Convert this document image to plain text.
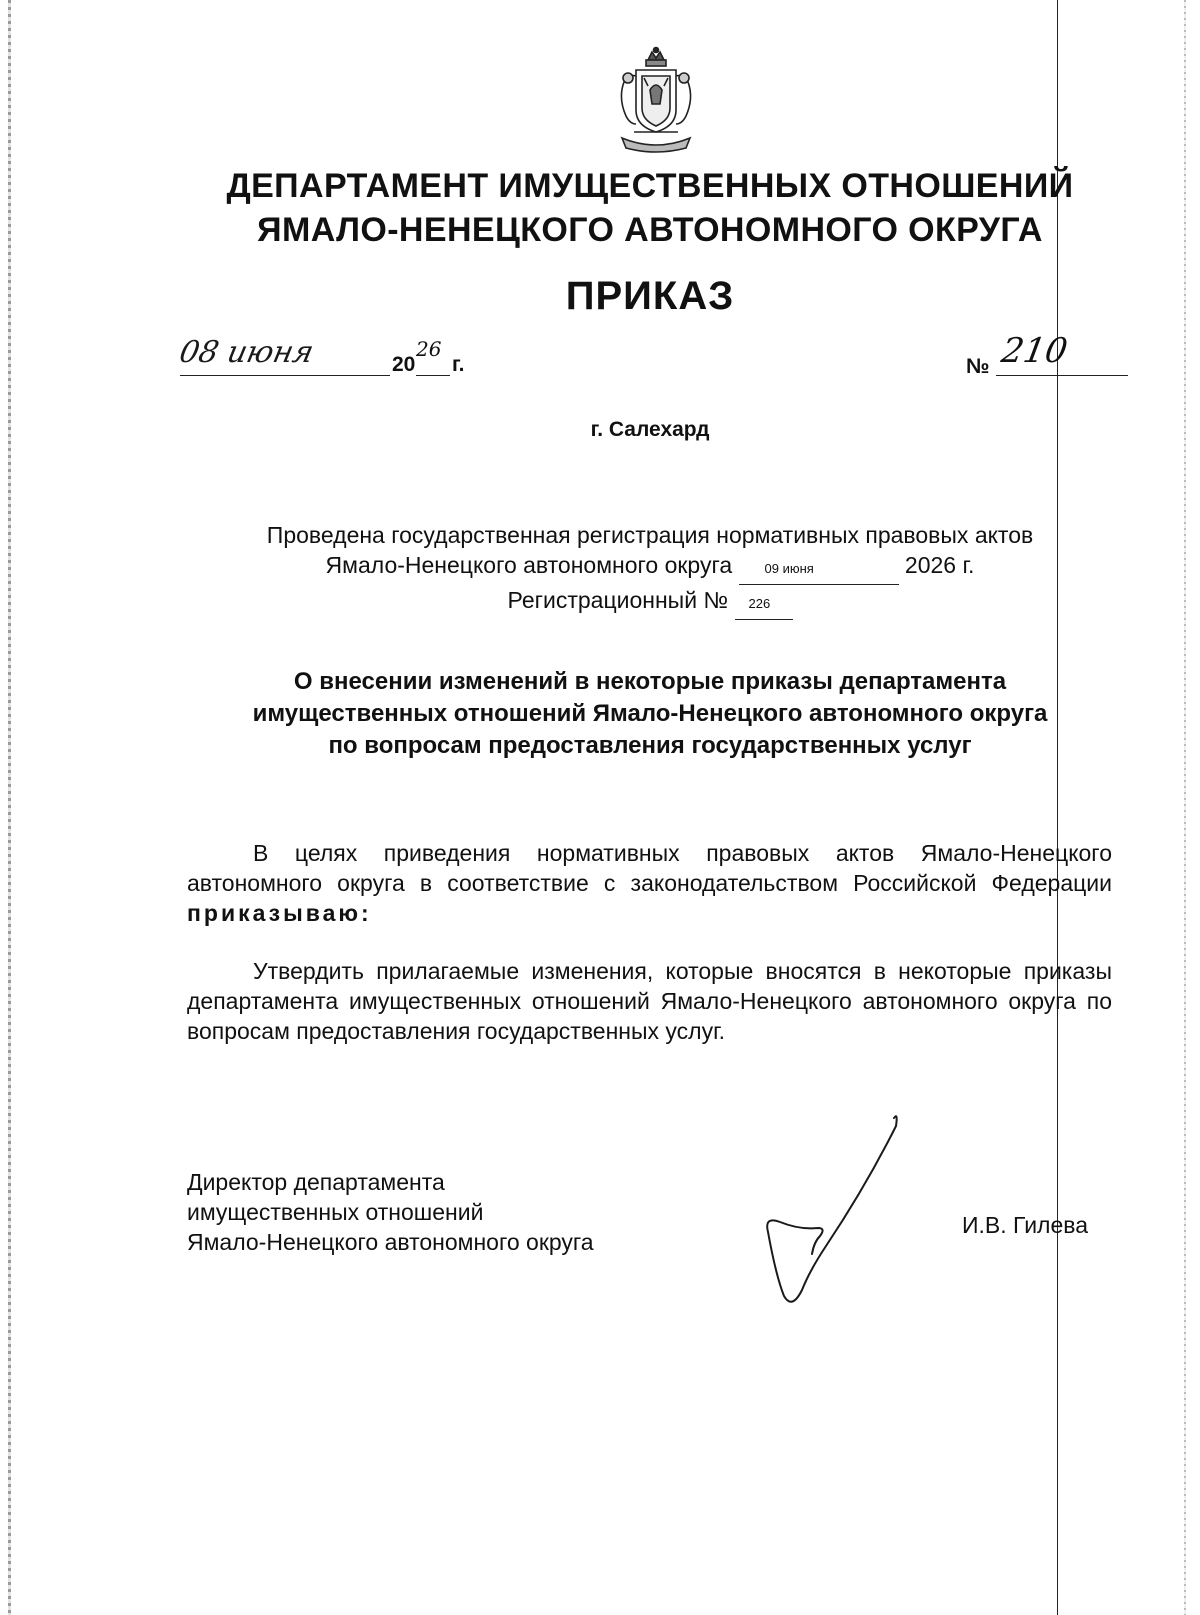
ДЕПАРТАМЕНТ ИМУЩЕСТВЕННЫХ ОТНОШЕНИЙ
ЯМАЛО-НЕНЕЦКОГО АВТОНОМНОГО ОКРУГА
ПРИКАЗ
08 июня	20
26
г.	№ 210
г. Салехард
Проведена государственная регистрация нормативных правовых актов
Ямало-Ненецкого автономного округа 09 июня	2026 г.
Регистрационный № 226
О внесении изменений в некоторые приказы департамента
имущественных отношений Ямало-Ненецкого автономного округа
по вопросам предоставления государственных услуг
В целях приведения нормативных правовых актов Ямало-Ненецкого автономного округа в соответствие с законодательством Российской Федерации приказываю:
Утвердить прилагаемые изменения, которые вносятся в некоторые приказы департамента имущественных отношений Ямало-Ненецкого автономного округа по вопросам предоставления государственных услуг.
Директор департамента
имущественных отношений
Ямало-Ненецкого автономного округа
И.В. Гилева
